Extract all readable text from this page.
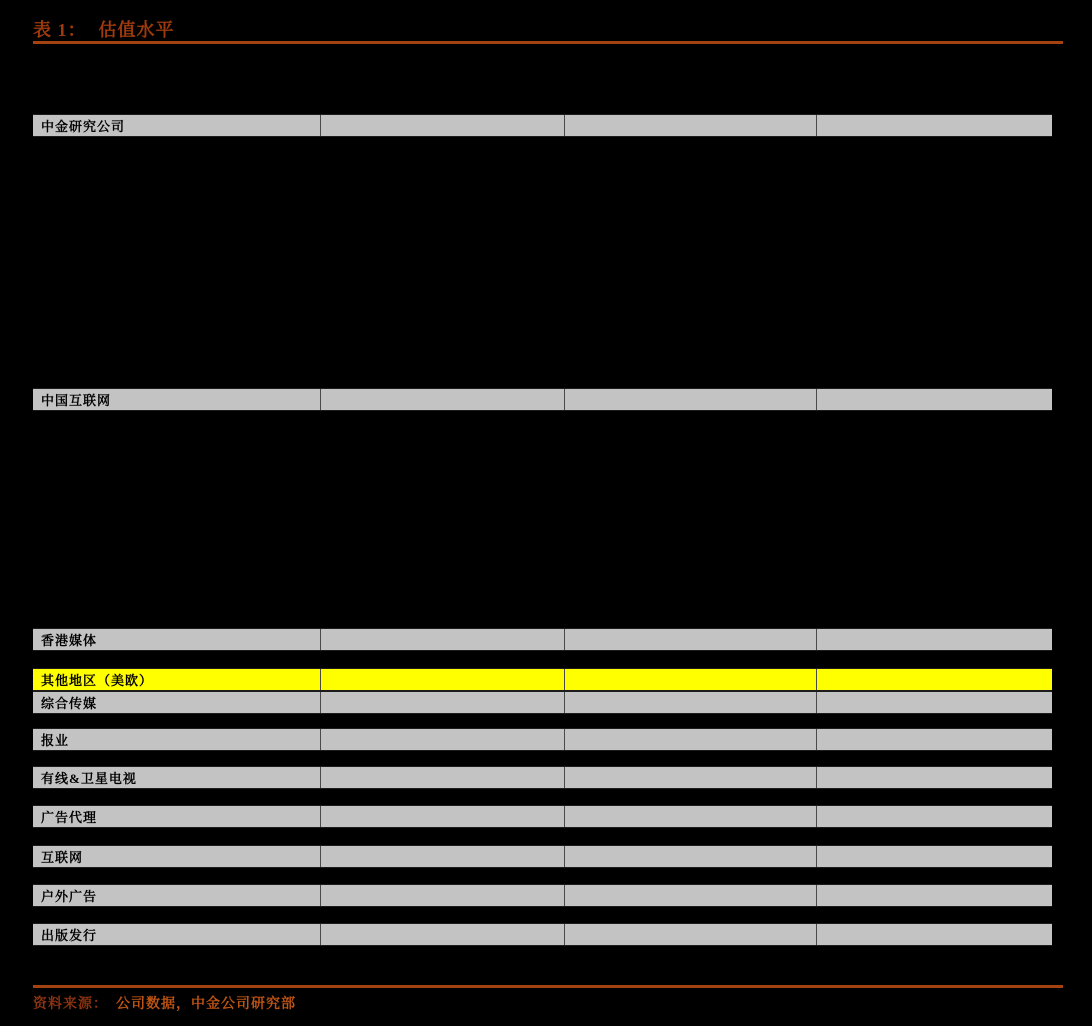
表 1： 估值水平
中金研究公司
中国互联网
香港媒体
其他地区（美欧）
综合传媒
报业
有线&卫星电视
广告代理
互联网
户外广告
出版发行
资料来源： 公司数据，中金公司研究部
